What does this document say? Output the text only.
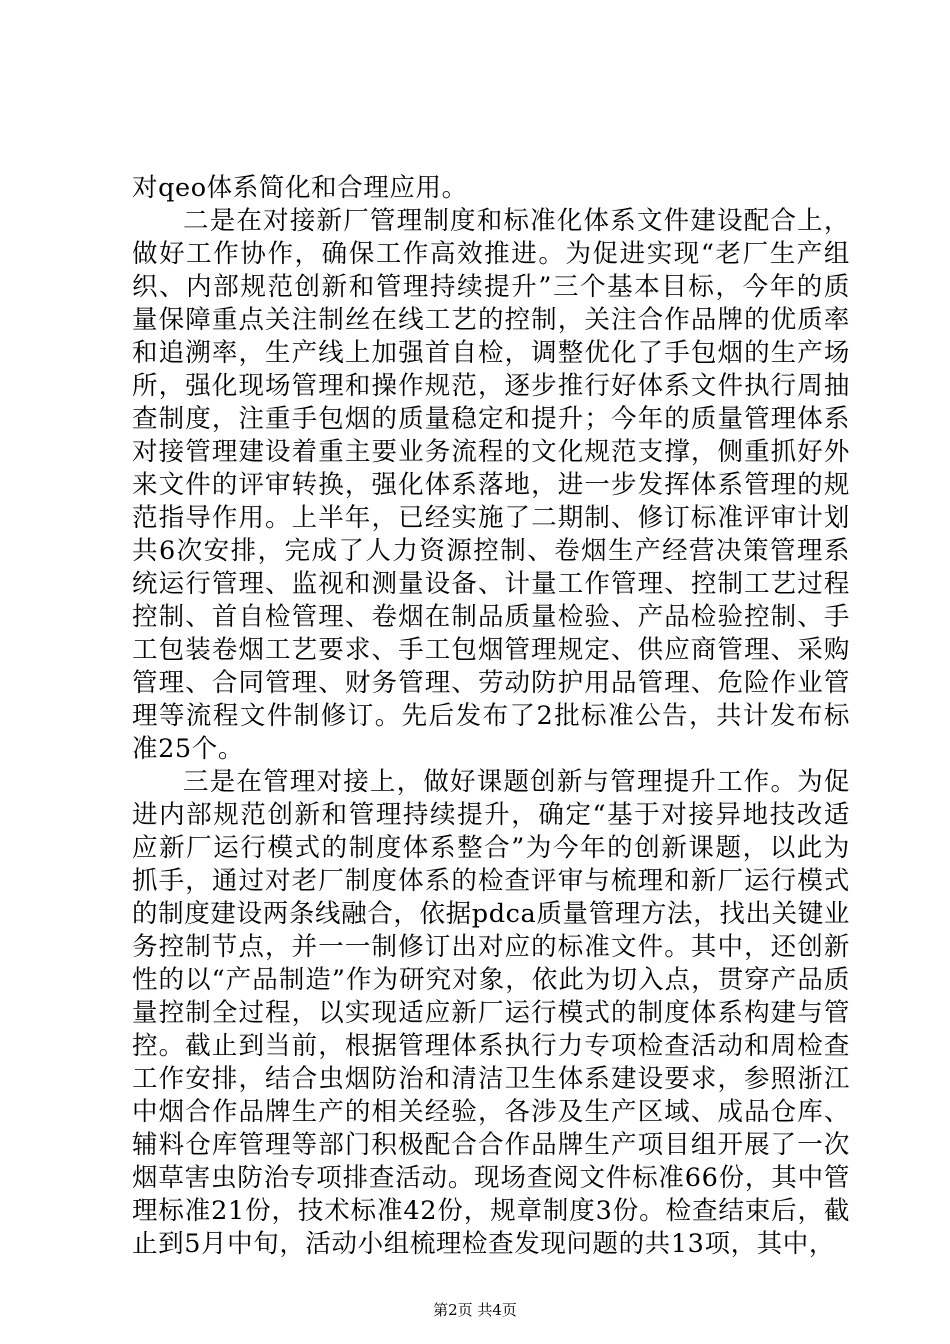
对qeo体系简化和合理应用。

二是在对接新厂管理制度和标准化体系文件建设配合上，做好工作协作，确保工作高效推进。为促进实现“老厂生产组织、内部规范创新和管理持续提升”三个基本目标，今年的质量保障重点关注制丝在线工艺的控制，关注合作品牌的优质率和追溯率，生产线上加强首自检，调整优化了手包烟的生产场所，强化现场管理和操作规范，逐步推行好体系文件执行周抽查制度，注重手包烟的质量稳定和提升；今年的质量管理体系对接管理建设着重主要业务流程的文化规范支撑，侧重抓好外来文件的评审转换，强化体系落地，进一步发挥体系管理的规范指导作用。上半年，已经实施了二期制、修订标准评审计划共6次安排，完成了人力资源控制、卷烟生产经营决策管理系统运行管理、监视和测量设备、计量工作管理、控制工艺过程控制、首自检管理、卷烟在制品质量检验、产品检验控制、手工包装卷烟工艺要求、手工包烟管理规定、供应商管理、采购管理、合同管理、财务管理、劳动防护用品管理、危险作业管理等流程文件制修订。先后发布了2批标准公告，共计发布标准25个。

三是在管理对接上，做好课题创新与管理提升工作。为促进内部规范创新和管理持续提升，确定“基于对接异地技改适应新厂运行模式的制度体系整合”为今年的创新课题，以此为抓手，通过对老厂制度体系的检查评审与梳理和新厂运行模式的制度建设两条线融合，依据pdca质量管理方法，找出关键业务控制节点，并一一制修订出对应的标准文件。其中，还创新性的以“产品制造”作为研究对象，依此为切入点，贯穿产品质量控制全过程，以实现适应新厂运行模式的制度体系构建与管控。截止到当前，根据管理体系执行力专项检查活动和周检查工作安排，结合虫烟防治和清洁卫生体系建设要求，参照浙江中烟合作品牌生产的相关经验，各涉及生产区域、成品仓库、辅料仓库管理等部门积极配合合作品牌生产项目组开展了一次烟草害虫防治专项排查活动。现场查阅文件标准66份，其中管理标准21份，技术标准42份，规章制度3份。检查结束后，截止到5月中旬，活动小组梳理检查发现问题的共13项，其中，

第2页 共4页
